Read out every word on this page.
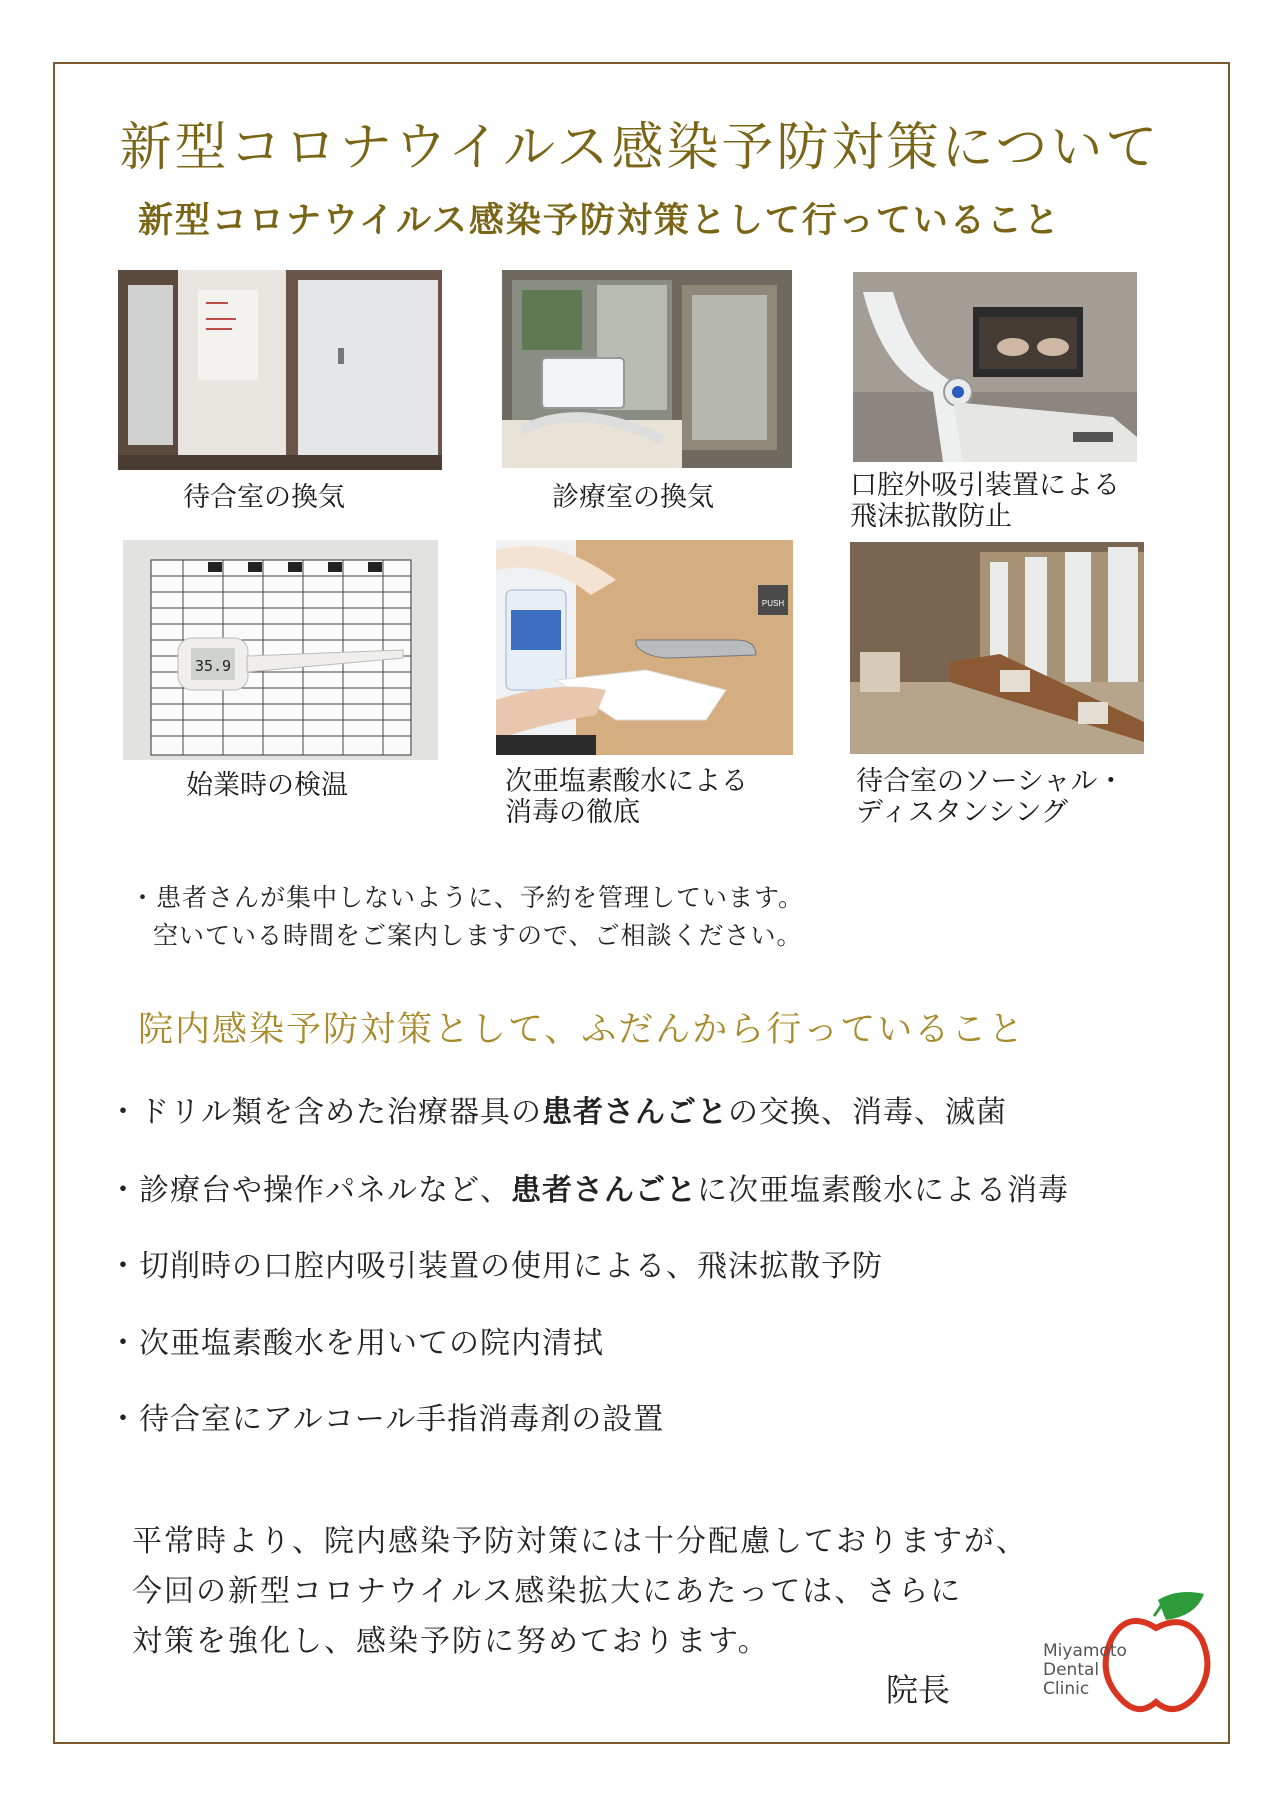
新型コロナウイルス感染予防対策について
新型コロナウイルス感染予防対策として行っていること
待合室の換気	診療室の換気	口腔外吸引装置による
飛沫拡散防止
35.9
始業時の検温
PUSH
次亜塩素酸水による
消毒の徹底
待合室のソーシャル・
ディスタンシング
・患者さんが集中しないように、予約を管理しています。
空いている時間をご案内しますので、ご相談ください。
院内感染予防対策として、ふだんから行っていること
・ドリル類を含めた治療器具の患者さんごとの交換、消毒、滅菌
・診療台や操作パネルなど、患者さんごとに次亜塩素酸水による消毒
・切削時の口腔内吸引装置の使用による、飛沫拡散予防
・次亜塩素酸水を用いての院内清拭
・待合室にアルコール手指消毒剤の設置
平常時より、院内感染予防対策には十分配慮しておりますが、
今回の新型コロナウイルス感染拡大にあたっては、さらに
対策を強化し、感染予防に努めております。
院長
Miyamoto
Dental
Clinic
